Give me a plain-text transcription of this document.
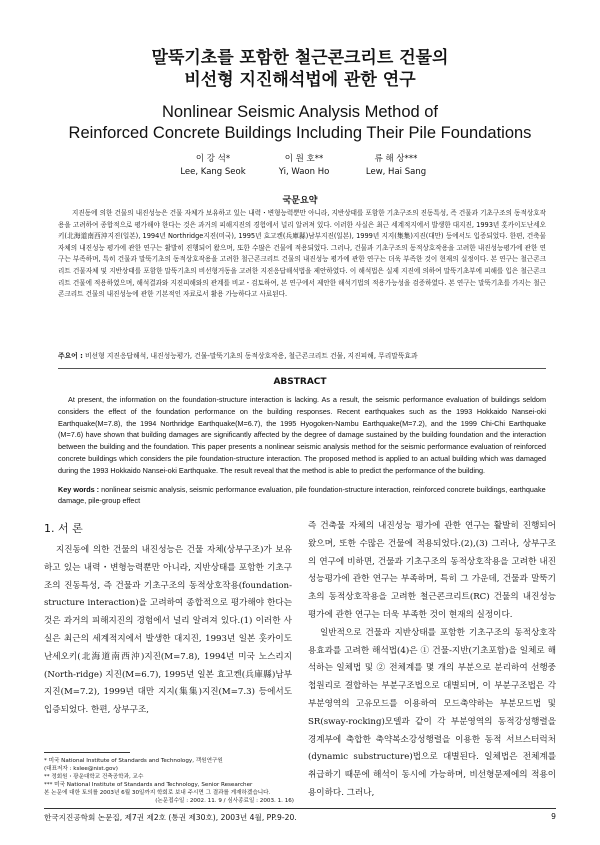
말뚝기초를 포함한 철근콘크리트 건물의
비선형 지진해석법에 관한 연구
Nonlinear Seismic Analysis Method of
Reinforced Concrete Buildings Including Their Pile Foundations
이 강 석*
Lee, Kang Seok
이 원 호**
Yi, Waon Ho
류 해 상***
Lew, Hai Sang
국문요약
지진동에 의한 건물의 내진성능은 건물 자체가 보유하고 있는 내력・변형능력뿐만 아니라, 지반상태를 포함한 기초구조의 진동특성, 즉 건물과 기초구조의 동적상호작용을 고려하여 종합적으로 평가해야 한다는 것은 과거의 피해지진의 경험에서 널리 알려져 있다. 이러한 사실은 최근 세계적지에서 발생한 대지진, 1993년 홋카이도난세오키(北海道南西沖지진(일본), 1994년 Northridge지진(미국), 1995년 효고켄(兵庫縣)남부지진(일본), 1999년 지지(集集)지진(대만) 등에서도 입증되었다. 한편, 건축물 자체의 내진성능 평가에 관한 연구는 활발히 진행되어 왔으며, 또한 수많은 건물에 적용되었다. 그러나, 건물과 기초구조의 동적상호작용을 고려한 내진성능평가에 관한 연구는 부족하며, 특히 건물과 말뚝기초의 동적상호작용을 고려한 철근콘크리트 건물의 내진성능 평가에 관한 연구는 더욱 부족한 것이 현재의 실정이다. 본 연구는 철근콘크리트 건물자체 및 지반상태를 포함한 말뚝기초의 비선형거동을 고려한 지진응답해석법을 제안하였다. 이 해석법은 실제 지진에 의하여 말뚝기초부에 피해를 입은 철근콘크리트 건물에 적용하였으며, 해석결과와 지진피해와의 관계를 비교・검토하여, 본 연구에서 제안한 해석기법의 적용가능성을 검증하였다. 본 연구는 말뚝기초를 가지는 철근콘크리트 건물의 내진성능에 관한 기본적인 자료로서 활용 가능하다고 사료된다.
주요어 : 비선형 지진응답해석, 내진성능평가, 건물-말뚝기초의 동적상호작용, 철근콘크리트 건물, 지진피해, 무리말뚝효과
ABSTRACT
At present, the information on the foundation-structure interaction is lacking. As a result, the seismic performance evaluation of buildings seldom considers the effect of the foundation performance on the building responses. Recent earthquakes such as the 1993 Hokkaido Nansei-oki Earthquake(M=7.8), the 1994 Northridge Earthquake(M=6.7), the 1995 Hyogoken-Nambu Earthquake(M=7.2), and the 1999 Chi-Chi Earthquake (M=7.6) have shown that building damages are significantly affected by the degree of damage sustained by the building foundation and the interaction between the building and the foundation. This paper presents a nonlinear seismic analysis method for the seismic performance evaluation of reinforced concrete buildings which considers the pile foundation-structure interaction. The proposed method is applied to an actual building which was damaged during the 1993 Hokkaido Nansei-oki Earthquake. The result reveal that the method is able to predict the performance of the building.
Key words : nonlinear seismic analysis, seismic performance evaluation, pile foundation-structure interaction, reinforced concrete buildings, earthquake damage, pile-group effect
1. 서 론
지진동에 의한 건물의 내진성능은 건물 자체(상부구조)가 보유하고 있는 내력・변형능력뿐만 아니라, 지반상태를 포함한 기초구조의 진동특성, 즉 건물과 기초구조의 동적상호작용(foundation-structure interaction)을 고려하여 종합적으로 평가해야 한다는 것은 과거의 피해지진의 경험에서 널리 알려져 있다.(1) 이러한 사실은 최근의 세계적지에서 발생한 대지진, 1993년 일본 훗카이도난세오키(北海道南西沖)지진(M=7.8), 1994년 미국 노스리지(North-ridge) 지진(M=6.7), 1995년 일본 효고켄(兵庫縣)남부지진(M=7.2), 1999년 대만 지지(集集)지진(M=7.3) 등에서도 입증되었다. 한편, 상부구조,
* 미국 National Institute of Standards and Technology, 객원연구원
(대표저자 : kslee@nist.gov)
** 정회원・광운대학교 건축공학과, 교수
*** 미국 National Institute of Standards and Technology, Senior Researcher
본 논문에 대한 토의를 2003년 6월 30일까지 학회로 보내 주시면 그 결과를 게재하겠습니다.
(논문접수일 : 2002. 11. 9 / 심사종료일 : 2003. 1. 16)

즉 건축물 자체의 내진성능 평가에 관한 연구는 활발히 진행되어 왔으며, 또한 수많은 건물에 적용되었다.(2),(3) 그러나, 상부구조의 연구에 비하면, 건물과 기초구조의 동적상호작용을 고려한 내진성능평가에 관한 연구는 부족하며, 특히 그 가운데, 건물과 말뚝기초의 동적상호작용을 고려한 철근콘크리트(RC) 건물의 내진성능 평가에 관한 연구는 더욱 부족한 것이 현재의 실정이다.

일반적으로 건물과 지반상태를 포함한 기초구조의 동적상호작용효과를 고려한 해석법(4)은 ① 건물-지반(기초포함)을 일체로 해석하는 일체법 및 ② 전체계를 몇 개의 부분으로 분리하여 선행중첩원리로 결합하는 부분구조법으로 대별되며, 이 부분구조법은 각 부분영역의 고유모드를 이용하여 모드축약하는 부분모드법 및 SR(sway-rocking)모델과 같이 각 부분영역의 동적강성행렬을 경계부에 축합한 축약복소강성행렬을 이용한 동적 서브스터럭처(dynamic substructure)법으로 대별된다. 일체법은 전체계를 취급하기 때문에 해석이 동시에 가능하며, 비선형문제에의 적용이 용이하다. 그러나,

한국지진공학회 논문집, 제7권 제2호 (통권 제30호), 2003년 4월, PP.9-20.	9
